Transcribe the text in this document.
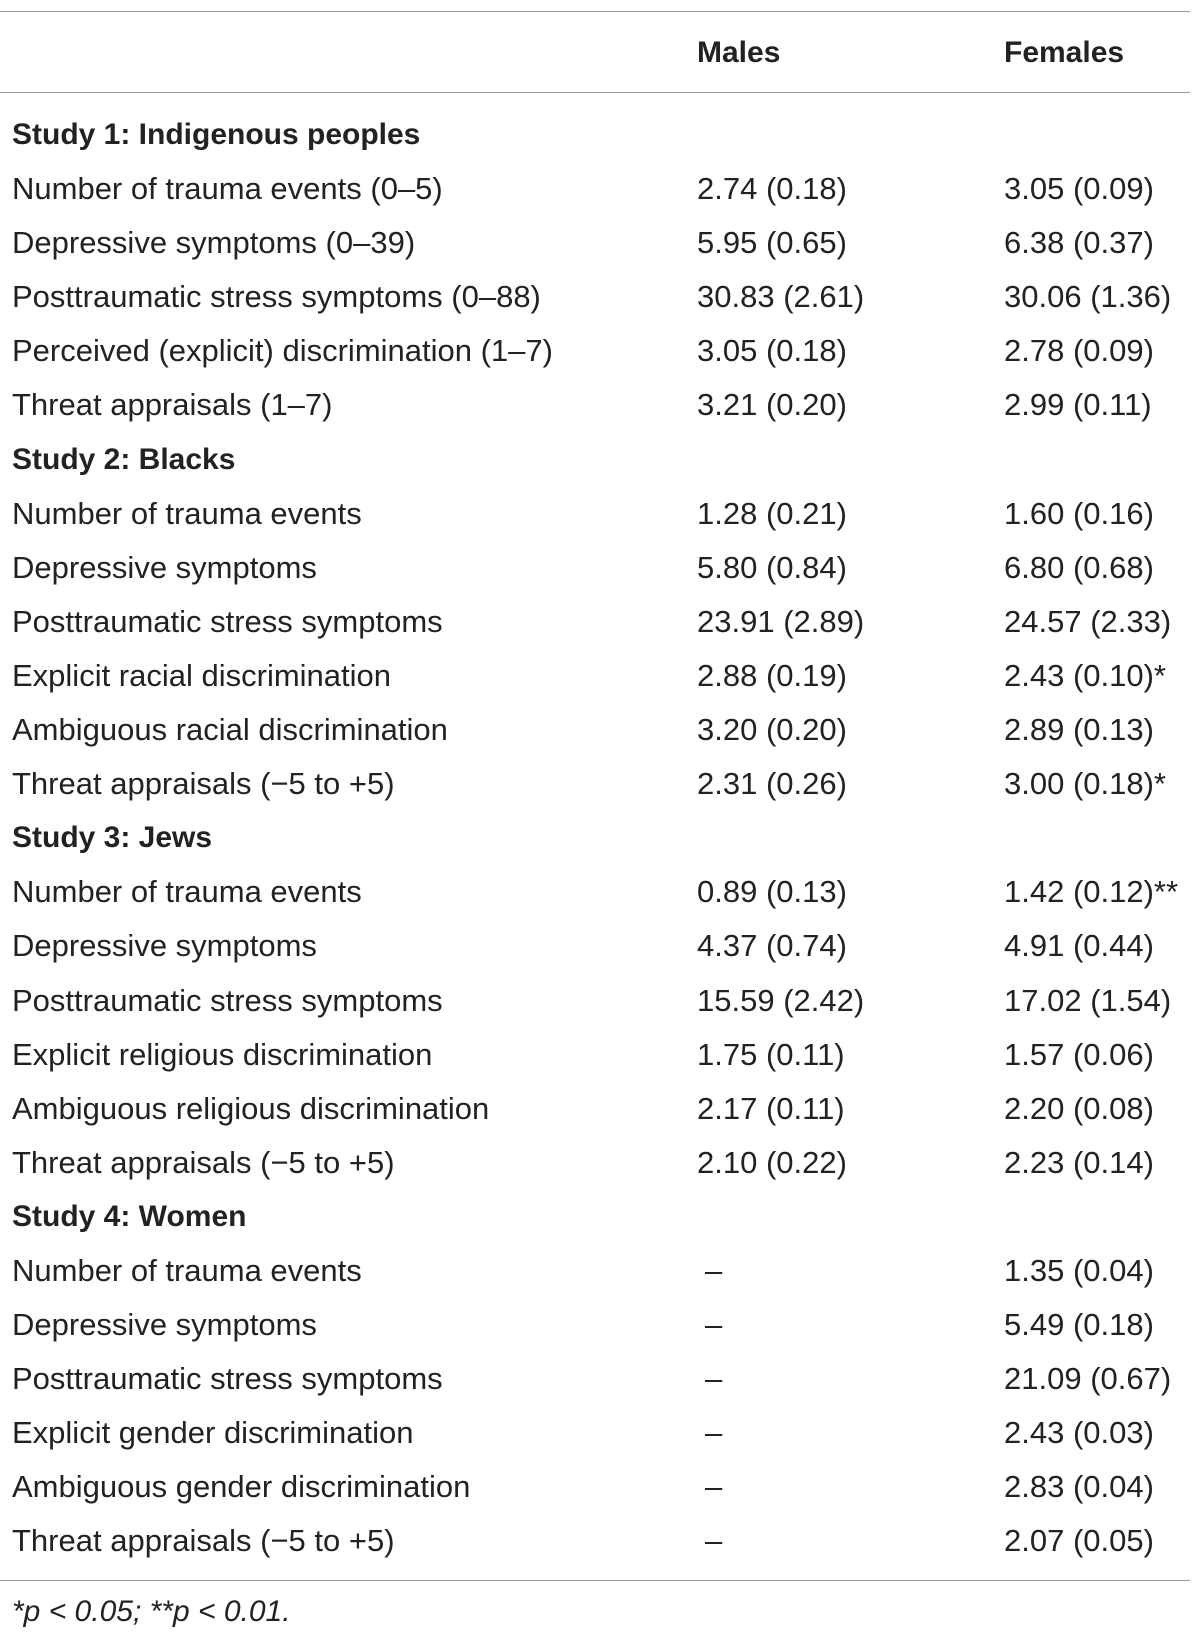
Males	Females
Study 1: Indigenous peoples
Number of trauma events (0–5)	2.74 (0.18)	3.05 (0.09)
Depressive symptoms (0–39)	5.95 (0.65)	6.38 (0.37)
Posttraumatic stress symptoms (0–88)	30.83 (2.61)	30.06 (1.36)
Perceived (explicit) discrimination (1–7)	3.05 (0.18)	2.78 (0.09)
Threat appraisals (1–7)	3.21 (0.20)	2.99 (0.11)
Study 2: Blacks
Number of trauma events	1.28 (0.21)	1.60 (0.16)
Depressive symptoms	5.80 (0.84)	6.80 (0.68)
Posttraumatic stress symptoms	23.91 (2.89)	24.57 (2.33)
Explicit racial discrimination	2.88 (0.19)	2.43 (0.10)*
Ambiguous racial discrimination	3.20 (0.20)	2.89 (0.13)
Threat appraisals (−5 to +5)	2.31 (0.26)	3.00 (0.18)*
Study 3: Jews
Number of trauma events	0.89 (0.13)	1.42 (0.12)**
Depressive symptoms	4.37 (0.74)	4.91 (0.44)
Posttraumatic stress symptoms	15.59 (2.42)	17.02 (1.54)
Explicit religious discrimination	1.75 (0.11)	1.57 (0.06)
Ambiguous religious discrimination	2.17 (0.11)	2.20 (0.08)
Threat appraisals (−5 to +5)	2.10 (0.22)	2.23 (0.14)
Study 4: Women
Number of trauma events	–	1.35 (0.04)
Depressive symptoms	–	5.49 (0.18)
Posttraumatic stress symptoms	–	21.09 (0.67)
Explicit gender discrimination	–	2.43 (0.03)
Ambiguous gender discrimination	–	2.83 (0.04)
Threat appraisals (−5 to +5)	–	2.07 (0.05)
*p < 0.05; **p < 0.01.
